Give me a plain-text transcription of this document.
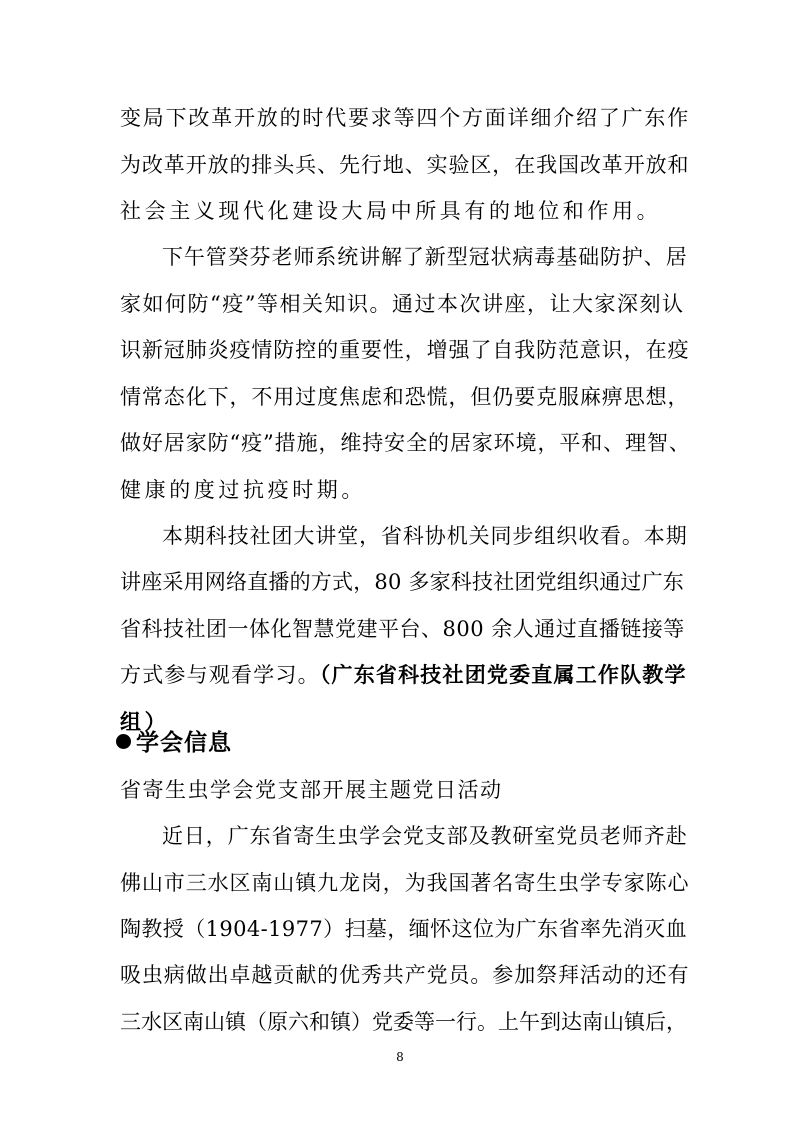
变局下改革开放的时代要求等四个方面详细介绍了广东作
为改革开放的排头兵、先行地、实验区，在我国改革开放和
社会主义现代化建设大局中所具有的地位和作用。
下午管癸芬老师系统讲解了新型冠状病毒基础防护、居
家如何防“疫”等相关知识。通过本次讲座，让大家深刻认
识新冠肺炎疫情防控的重要性，增强了自我防范意识，在疫
情常态化下，不用过度焦虑和恐慌，但仍要克服麻痹思想，
做好居家防“疫”措施，维持安全的居家环境，平和、理智、
健康的度过抗疫时期。
本期科技社团大讲堂，省科协机关同步组织收看。本期
讲座采用网络直播的方式，80 多家科技社团党组织通过广东
省科技社团一体化智慧党建平台、800 余人通过直播链接等
方式参与观看学习。（广东省科技社团党委直属工作队教学
组）
学会信息
省寄生虫学会党支部开展主题党日活动
近日，广东省寄生虫学会党支部及教研室党员老师齐赴
佛山市三水区南山镇九龙岗，为我国著名寄生虫学专家陈心
陶教授（1904-1977）扫墓，缅怀这位为广东省率先消灭血
吸虫病做出卓越贡献的优秀共产党员。参加祭拜活动的还有
三水区南山镇（原六和镇）党委等一行。上午到达南山镇后，
8
